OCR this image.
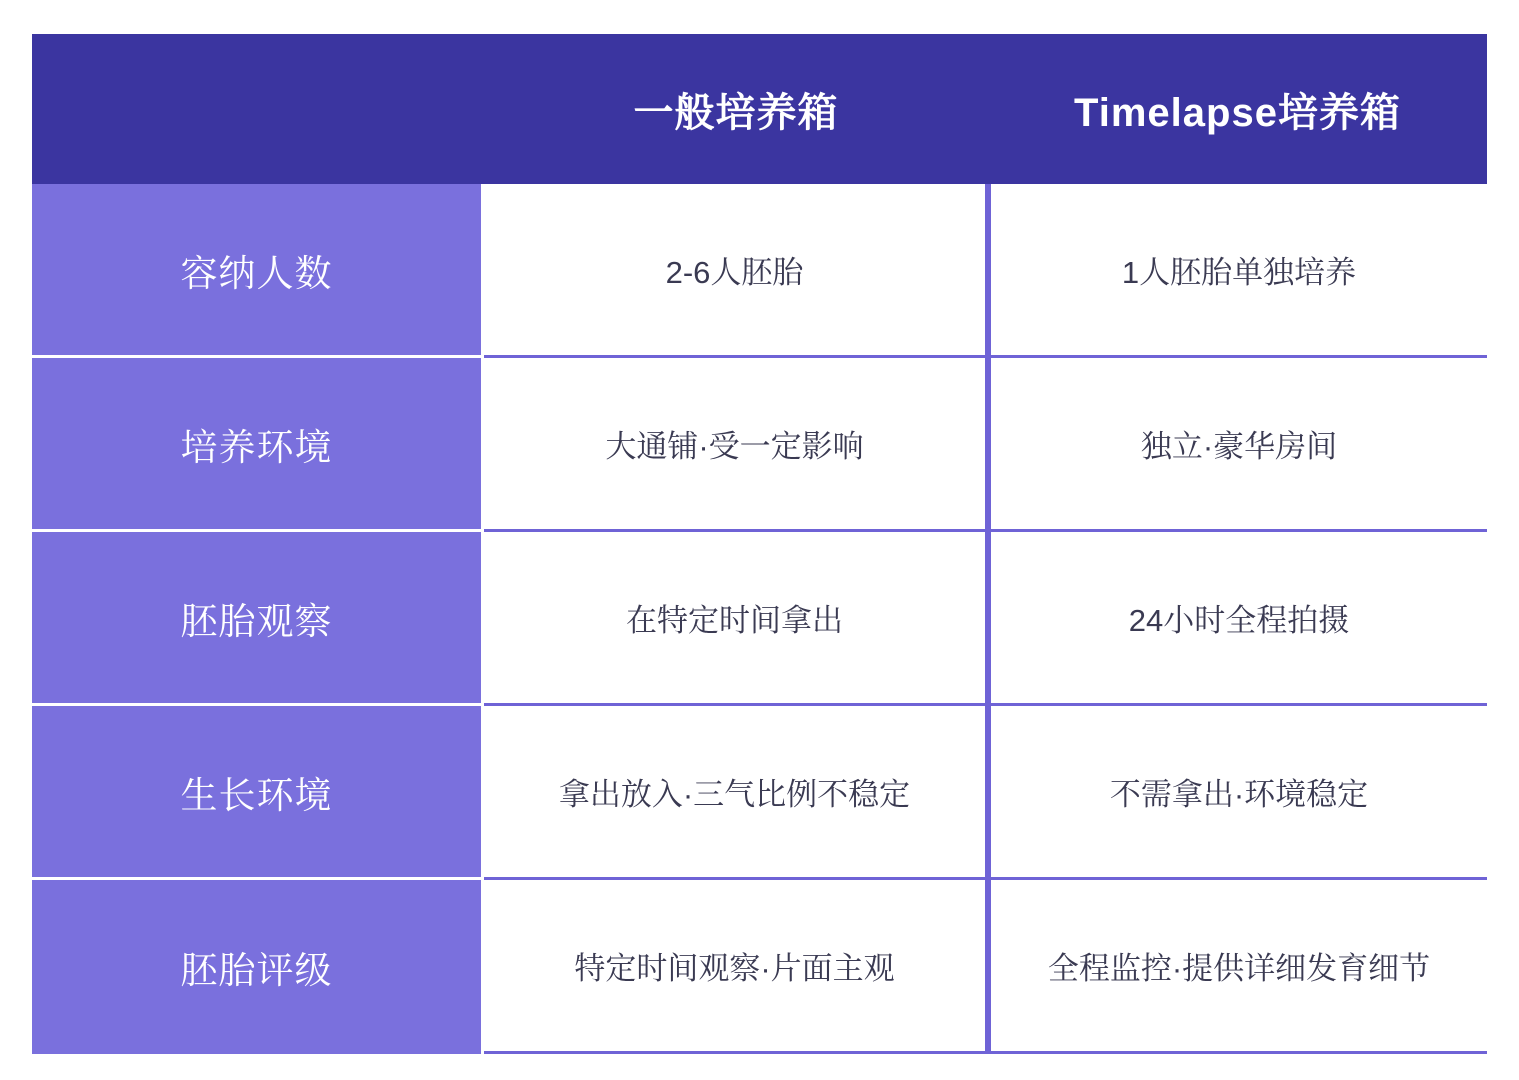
	一般培养箱	Timelapse培养箱
容纳人数	2-6人胚胎	1人胚胎单独培养
培养环境	大通铺·受一定影响	独立·豪华房间
胚胎观察	在特定时间拿出	24小时全程拍摄
生长环境	拿出放入·三气比例不稳定	不需拿出·环境稳定
胚胎评级	特定时间观察·片面主观	全程监控·提供详细发育细节
